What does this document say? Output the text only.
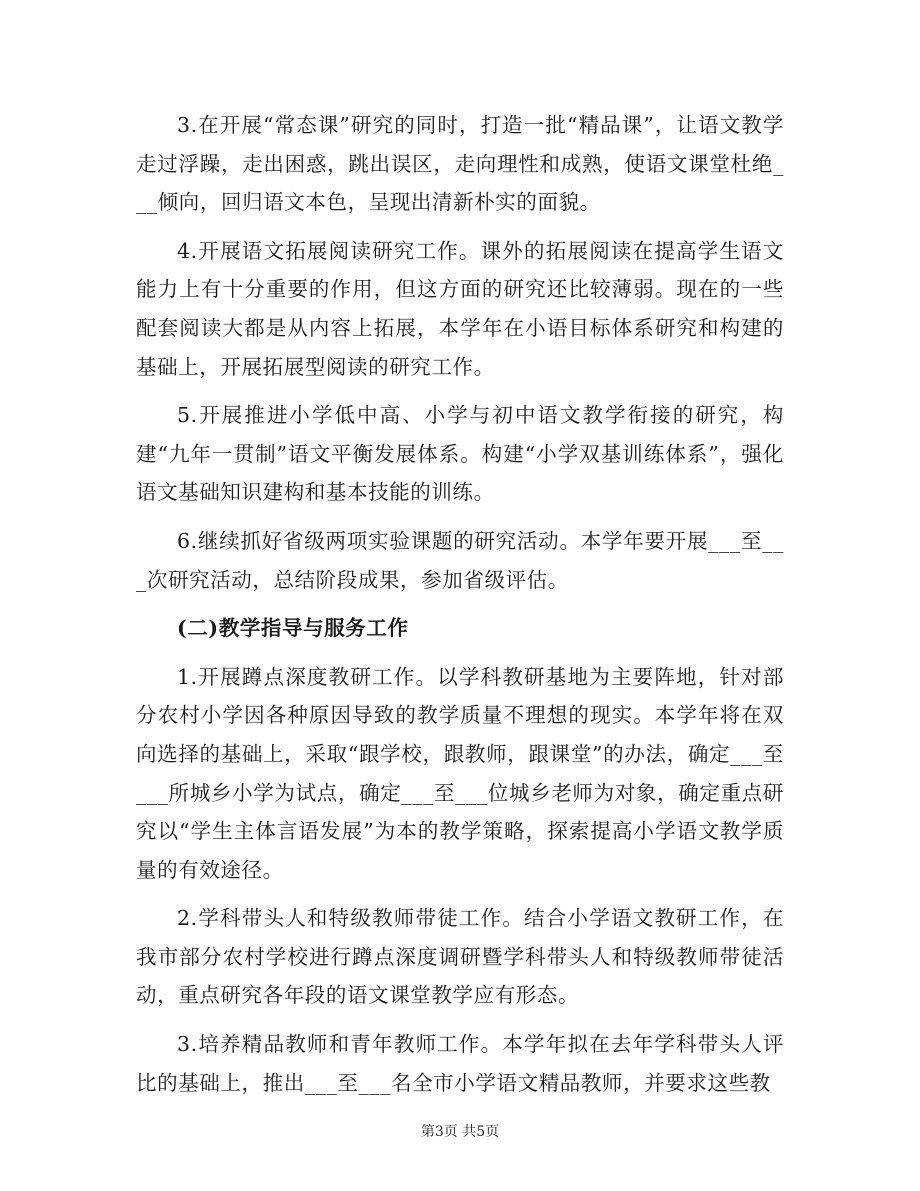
3.在开展“常态课”研究的同时，打造一批“精品课”，让语文教学走过浮躁，走出困惑，跳出误区，走向理性和成熟，使语文课堂杜绝___倾向，回归语文本色，呈现出清新朴实的面貌。

4.开展语文拓展阅读研究工作。课外的拓展阅读在提高学生语文能力上有十分重要的作用，但这方面的研究还比较薄弱。现在的一些配套阅读大都是从内容上拓展，本学年在小语目标体系研究和构建的基础上，开展拓展型阅读的研究工作。

5.开展推进小学低中高、小学与初中语文教学衔接的研究，构建“九年一贯制”语文平衡发展体系。构建“小学双基训练体系”，强化语文基础知识建构和基本技能的训练。

6.继续抓好省级两项实验课题的研究活动。本学年要开展___至___次研究活动，总结阶段成果，参加省级评估。

(二)教学指导与服务工作

1.开展蹲点深度教研工作。以学科教研基地为主要阵地，针对部分农村小学因各种原因导致的教学质量不理想的现实。本学年将在双向选择的基础上，采取“跟学校，跟教师，跟课堂”的办法，确定___至___所城乡小学为试点，确定___至___位城乡老师为对象，确定重点研究以“学生主体言语发展”为本的教学策略，探索提高小学语文教学质量的有效途径。

2.学科带头人和特级教师带徒工作。结合小学语文教研工作，在我市部分农村学校进行蹲点深度调研暨学科带头人和特级教师带徒活动，重点研究各年段的语文课堂教学应有形态。

3.培养精品教师和青年教师工作。本学年拟在去年学科带头人评比的基础上，推出___至___名全市小学语文精品教师，并要求这些教

第3页 共5页
